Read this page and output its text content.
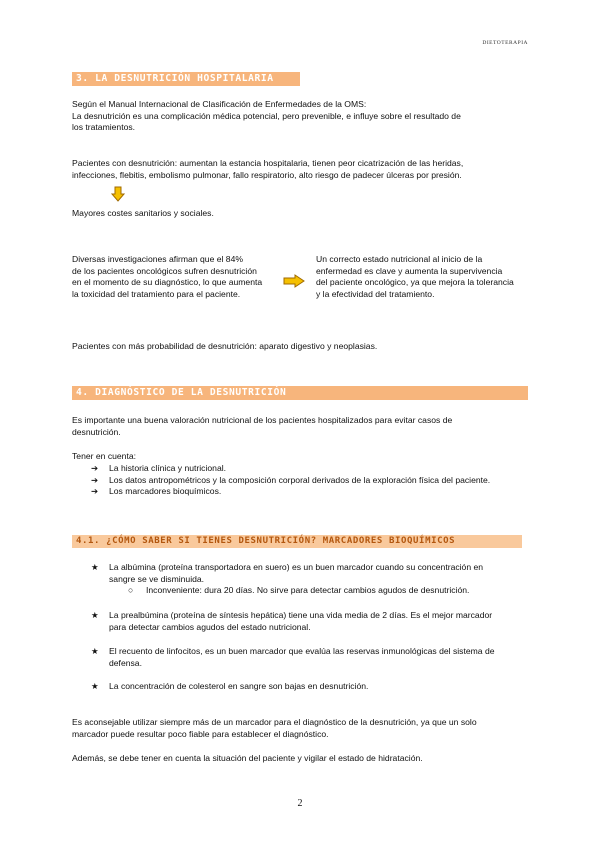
DIETOTERAPIA
3. LA DESNUTRICIÓN HOSPITALARIA
Según el Manual Internacional de Clasificación de Enfermedades de la OMS:
La desnutrición es una complicación médica potencial, pero prevenible, e influye sobre el resultado de
los tratamientos.
Pacientes con desnutrición: aumentan la estancia hospitalaria, tienen peor cicatrización de las heridas,
infecciones, flebitis, embolismo pulmonar, fallo respiratorio, alto riesgo de padecer úlceras por presión.
Mayores costes sanitarios y sociales.
Diversas investigaciones afirman que el 84%
de los pacientes oncológicos sufren desnutrición
en el momento de su diagnóstico, lo que aumenta
la toxicidad del tratamiento para el paciente.
Un correcto estado nutricional al inicio de la
enfermedad es clave y aumenta la supervivencia
del paciente oncológico, ya que mejora la tolerancia
y la efectividad del tratamiento.
Pacientes con más probabilidad de desnutrición: aparato digestivo y neoplasias.
4. DIAGNÓSTICO DE LA DESNUTRICIÓN
Es importante una buena valoración nutricional de los pacientes hospitalizados para evitar casos de
desnutrición.
Tener en cuenta:
➔	La historia clínica y nutricional.
➔	Los datos antropométricos y la composición corporal derivados de la exploración física del paciente.
➔	Los marcadores bioquímicos.
4.1. ¿CÓMO SABER SI TIENES DESNUTRICIÓN? MARCADORES BIOQUÍMICOS
★	La albúmina (proteína transportadora en suero) es un buen marcador cuando su concentración en
sangre se ve disminuida.
○	Inconveniente: dura 20 días. No sirve para detectar cambios agudos de desnutrición.
★	La prealbúmina (proteína de síntesis hepática) tiene una vida media de 2 días. Es el mejor marcador
para detectar cambios agudos del estado nutricional.
★	El recuento de linfocitos, es un buen marcador que evalúa las reservas inmunológicas del sistema de
defensa.
★	La concentración de colesterol en sangre son bajas en desnutrición.
Es aconsejable utilizar siempre más de un marcador para el diagnóstico de la desnutrición, ya que un solo
marcador puede resultar poco fiable para establecer el diagnóstico.
Además, se debe tener en cuenta la situación del paciente y vigilar el estado de hidratación.
2
